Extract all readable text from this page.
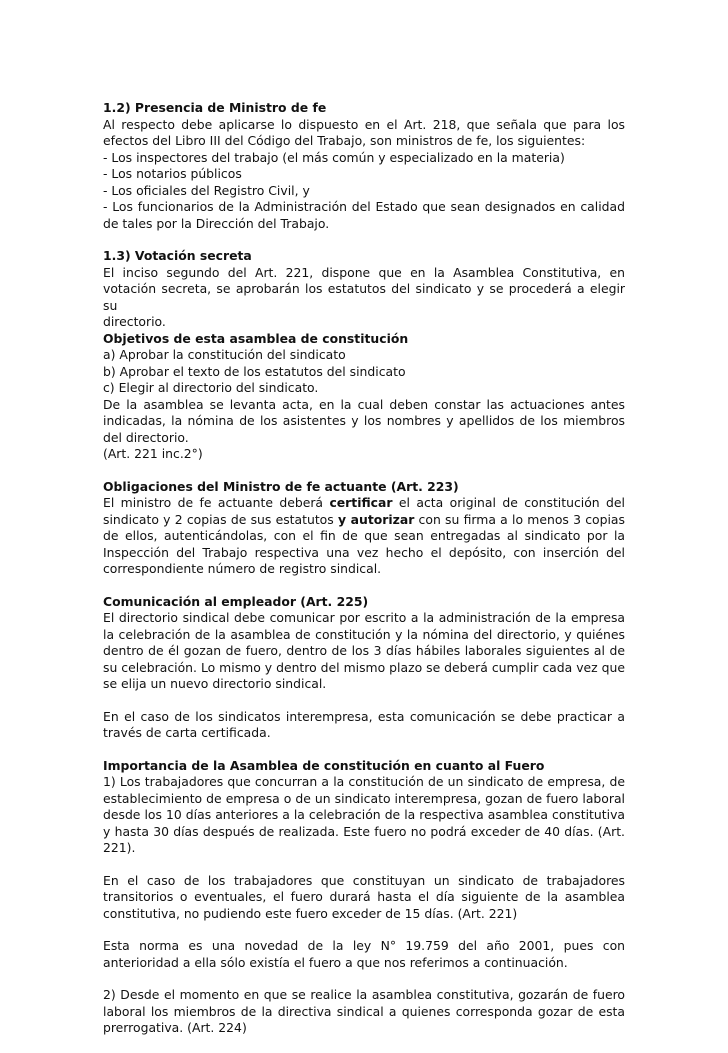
1.2) Presencia de Ministro de fe
Al respecto debe aplicarse lo dispuesto en el Art. 218, que señala que para los
efectos del Libro III del Código del Trabajo, son ministros de fe, los siguientes:
- Los inspectores del trabajo (el más común y especializado en la materia)
- Los notarios públicos
- Los oficiales del Registro Civil, y
- Los funcionarios de la Administración del Estado que sean designados en calidad
de tales por la Dirección del Trabajo.
1.3) Votación secreta
El inciso segundo del Art. 221, dispone que en la Asamblea Constitutiva, en
votación secreta, se aprobarán los estatutos del sindicato y se procederá a elegir su
directorio.
Objetivos de esta asamblea de constitución
a) Aprobar la constitución del sindicato
b) Aprobar el texto de los estatutos del sindicato
c) Elegir al directorio del sindicato.
De la asamblea se levanta acta, en la cual deben constar las actuaciones antes
indicadas, la nómina de los asistentes y los nombres y apellidos de los miembros
del directorio.
(Art. 221 inc.2°)
Obligaciones del Ministro de fe actuante (Art. 223)
El ministro de fe actuante deberá certificar el acta original de constitución del
sindicato y 2 copias de sus estatutos y autorizar con su firma a lo menos 3 copias
de ellos, autenticándolas, con el fin de que sean entregadas al sindicato por la
Inspección del Trabajo respectiva una vez hecho el depósito, con inserción del
correspondiente número de registro sindical.
Comunicación al empleador (Art. 225)
El directorio sindical debe comunicar por escrito a la administración de la empresa
la celebración de la asamblea de constitución y la nómina del directorio, y quiénes
dentro de él gozan de fuero, dentro de los 3 días hábiles laborales siguientes al de
su celebración. Lo mismo y dentro del mismo plazo se deberá cumplir cada vez que
se elija un nuevo directorio sindical.
En el caso de los sindicatos interempresa, esta comunicación se debe practicar a
través de carta certificada.
Importancia de la Asamblea de constitución en cuanto al Fuero
1) Los trabajadores que concurran a la constitución de un sindicato de empresa, de
establecimiento de empresa o de un sindicato interempresa, gozan de fuero laboral
desde los 10 días anteriores a la celebración de la respectiva asamblea constitutiva
y hasta 30 días después de realizada. Este fuero no podrá exceder de 40 días. (Art.
221).
En el caso de los trabajadores que constituyan un sindicato de trabajadores
transitorios o eventuales, el fuero durará hasta el día siguiente de la asamblea
constitutiva, no pudiendo este fuero exceder de 15 días. (Art. 221)
Esta norma es una novedad de la ley N° 19.759 del año 2001, pues con
anterioridad a ella sólo existía el fuero a que nos referimos a continuación.
2) Desde el momento en que se realice la asamblea constitutiva, gozarán de fuero
laboral los miembros de la directiva sindical a quienes corresponda gozar de esta
prerrogativa. (Art. 224)
